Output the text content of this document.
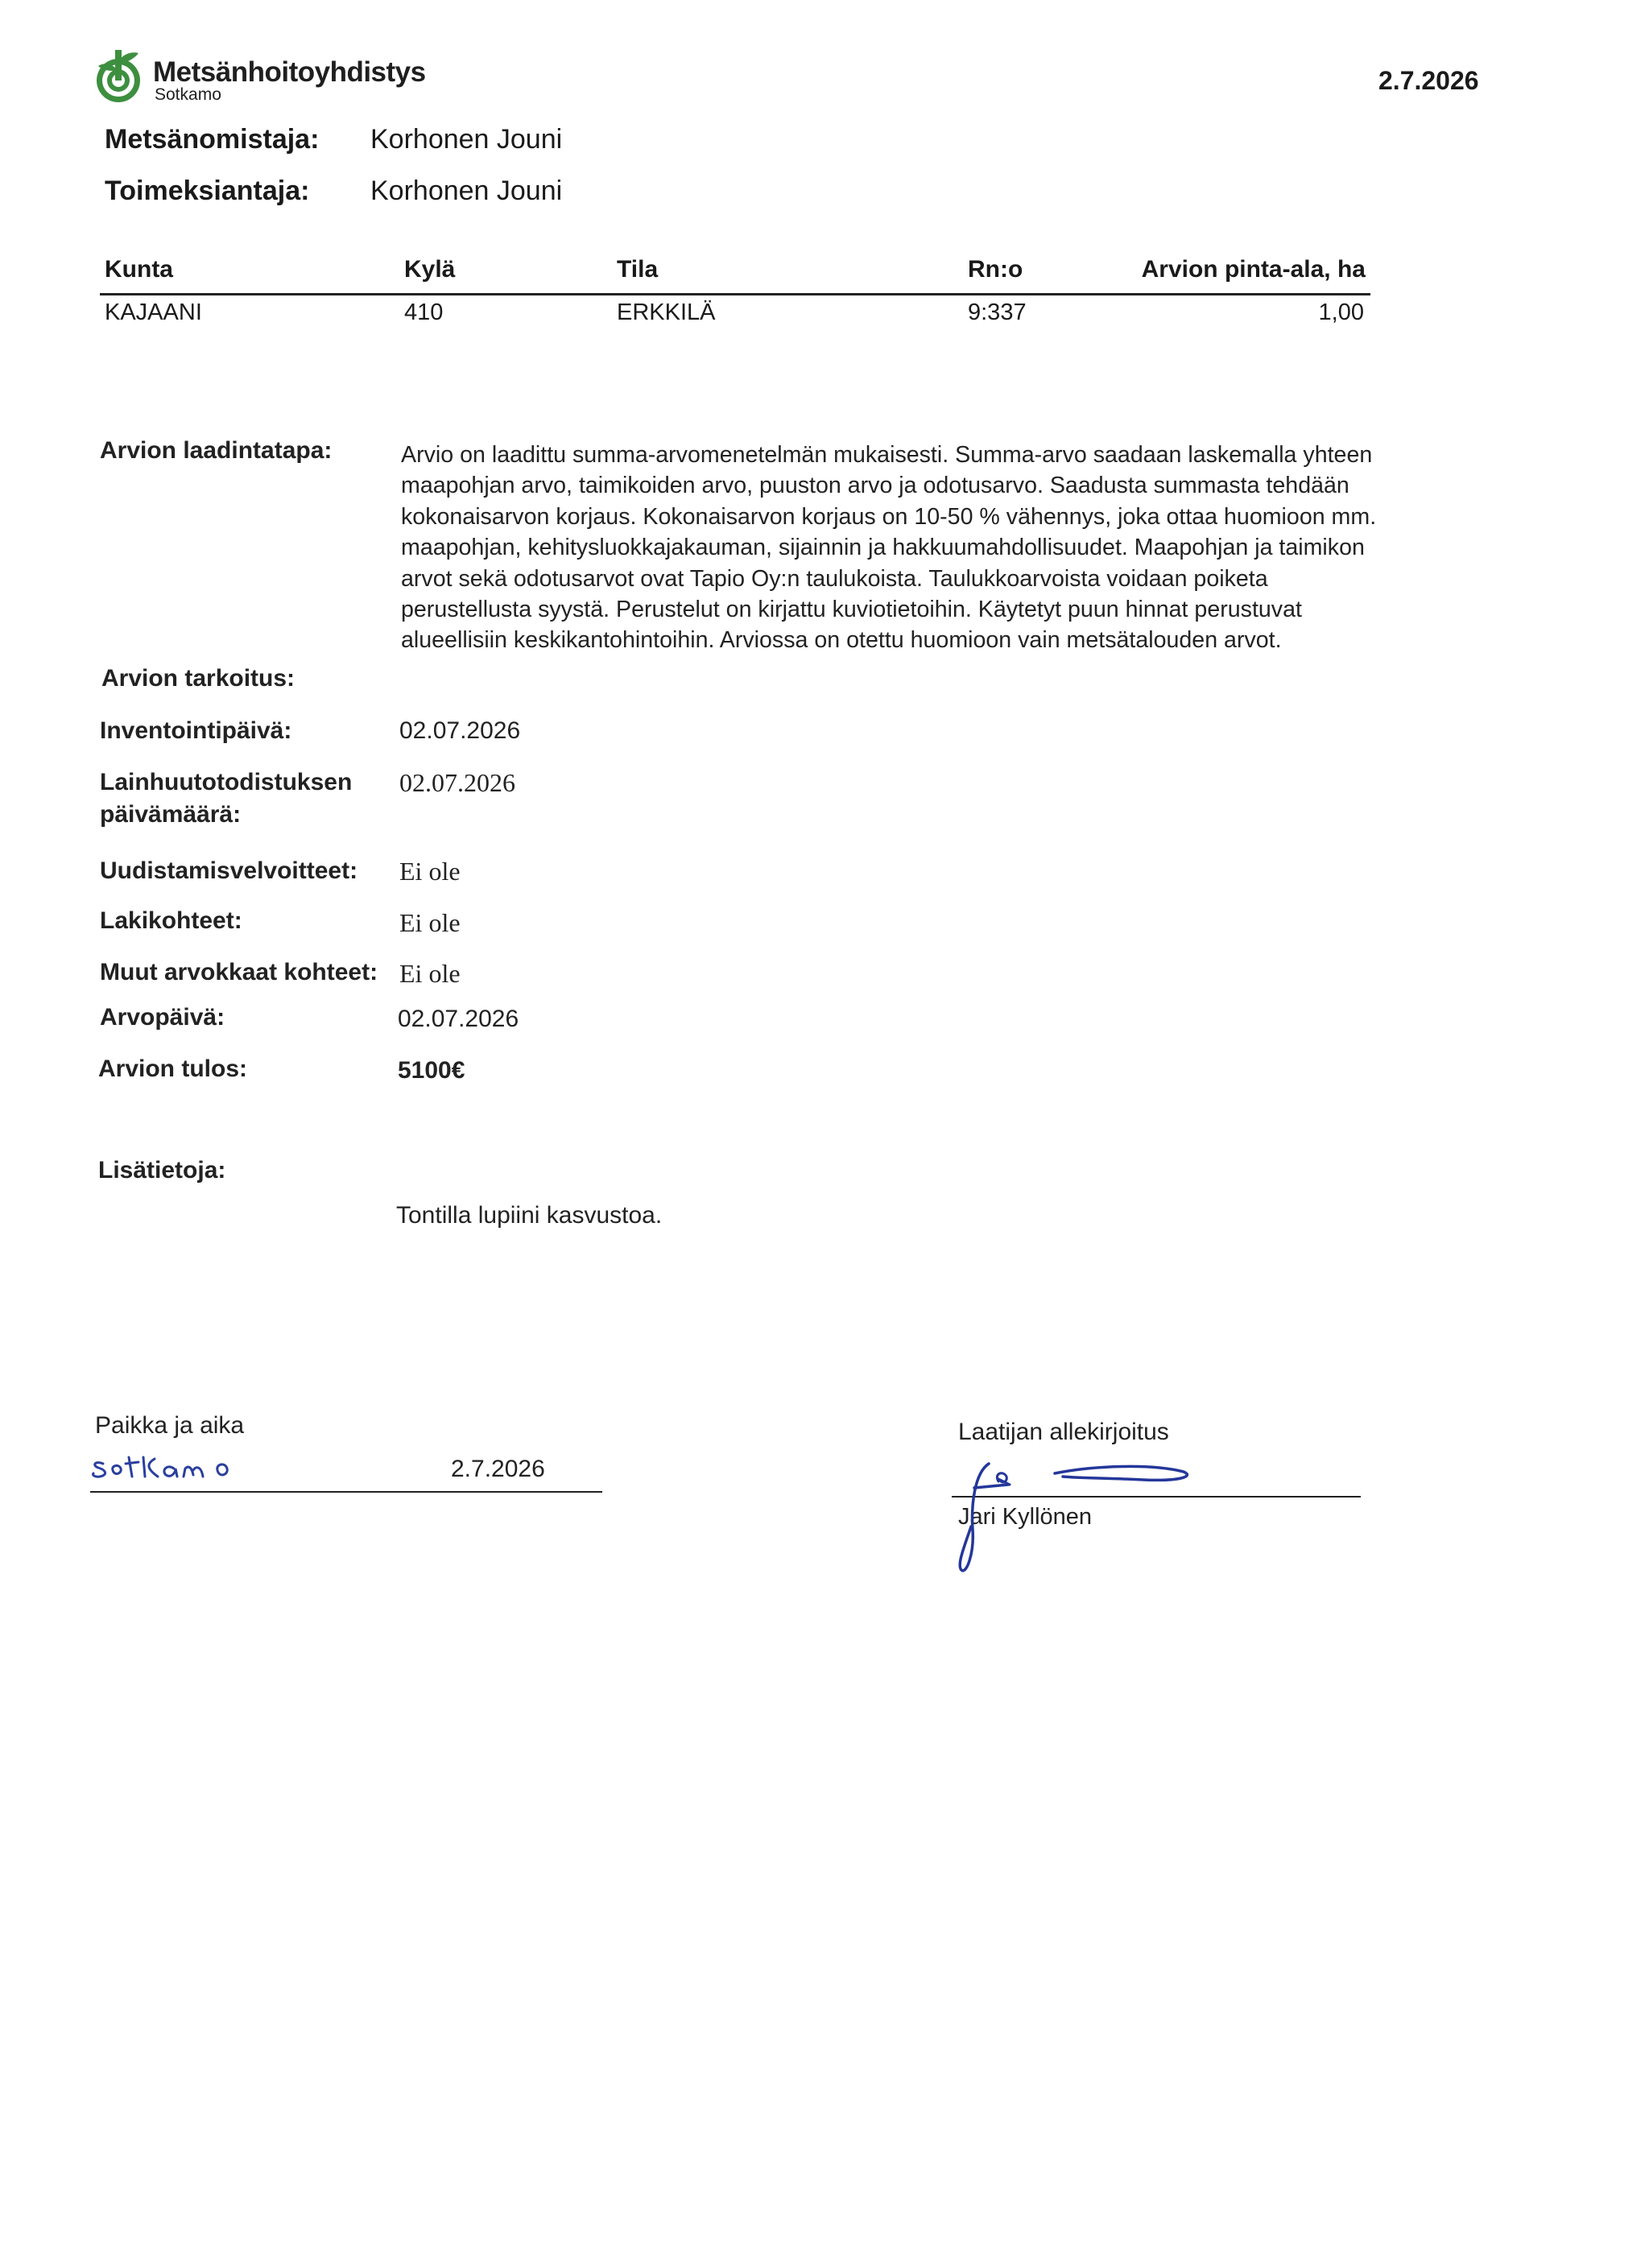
Metsänhoitoyhdistys
Sotkamo	2.7.2026
Metsänomistaja: Korhonen Jouni
Toimeksiantaja: Korhonen Jouni
Kunta	Kylä	Tila	Rn:o	Arvion pinta-ala, ha
KAJAANI	410	ERKKILÄ	9:337	1,00
Arvion laadintatapa:	Arvio on laadittu summa-arvomenetelmän mukaisesti. Summa-arvo saadaan laskemalla yhteen
maapohjan arvo, taimikoiden arvo, puuston arvo ja odotusarvo. Saadusta summasta tehdään
kokonaisarvon korjaus. Kokonaisarvon korjaus on 10-50 % vähennys, joka ottaa huomioon mm.
maapohjan, kehitysluokkajakauman, sijainnin ja hakkuumahdollisuudet. Maapohjan ja taimikon
arvot sekä odotusarvot ovat Tapio Oy:n taulukoista. Taulukkoarvoista voidaan poiketa
perustellusta syystä. Perustelut on kirjattu kuviotietoihin. Käytetyt puun hinnat perustuvat
alueellisiin keskikantohintoihin. Arviossa on otettu huomioon vain metsätalouden arvot.
Arvion tarkoitus:
Inventointipäivä:	02.07.2026
Lainhuutotodistuksen
päivämäärä:
02.07.2026
Uudistamisvelvoitteet: Ei ole
Lakikohteet:	Ei ole
Muut arvokkaat kohteet: Ei ole
Arvopäivä:	02.07.2026
Arvion tulos:	5100€
Lisätietoja:
Tontilla lupiini kasvustoa.
Paikka ja aika
2.7.2026
Laatijan allekirjoitus
Jari Kyllönen
